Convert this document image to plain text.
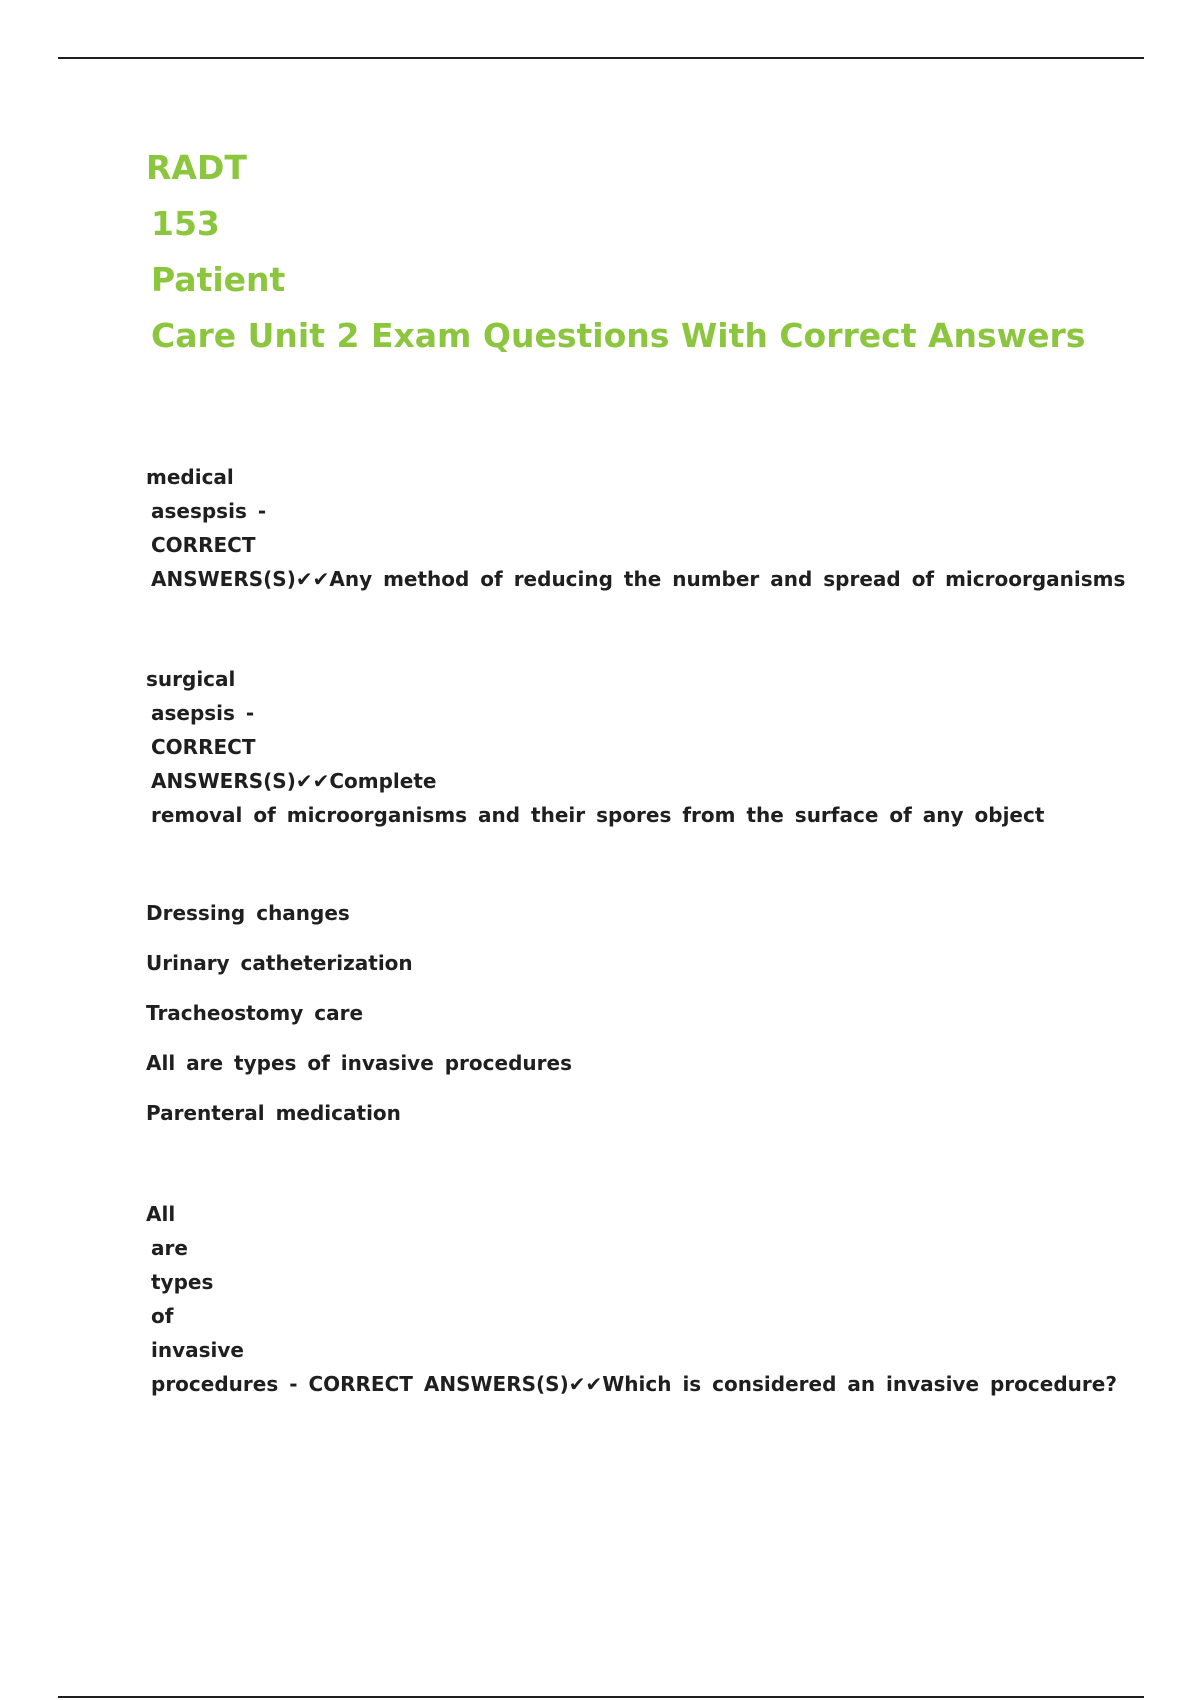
RADT
153
Patient
Care Unit 2 Exam Questions With Correct Answers
medical
asespsis -
CORRECT
ANSWERS(S)✔✔Any method of reducing the number and spread of microorganisms
surgical
asepsis -
CORRECT
ANSWERS(S)✔✔Complete
removal of microorganisms and their spores from the surface of any object
Dressing changes
Urinary catheterization
Tracheostomy care
All are types of invasive procedures
Parenteral medication
All
are
types
of
invasive
procedures - CORRECT ANSWERS(S)✔✔Which is considered an invasive procedure?
